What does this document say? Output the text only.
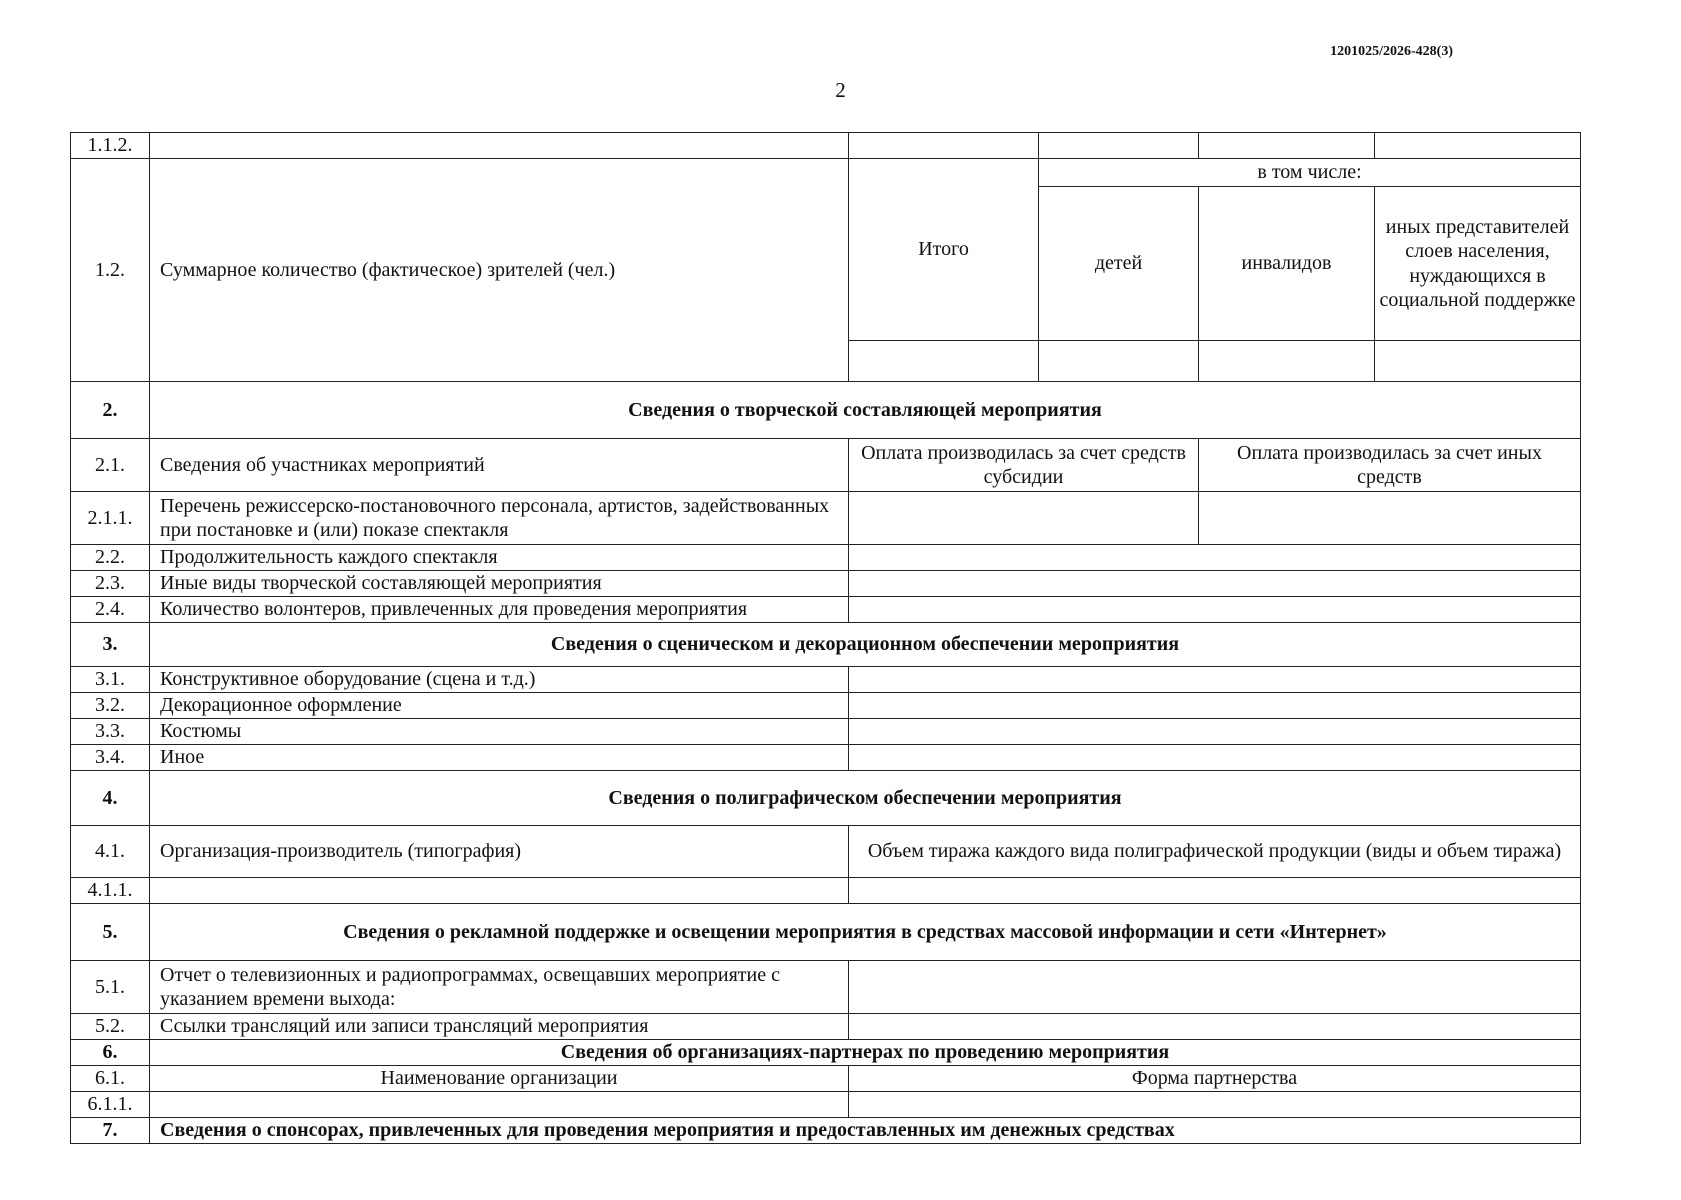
1201025/2026-428(3)
2
1.1.2.					
1.2.	Суммарное количество (фактическое) зрителей (чел.)	Итого	в том числе:		
			детей	инвалидов	иных представителей слоев населения, нуждающихся в социальной поддержке

2.	Сведения о творческой составляющей мероприятия				
2.1.	Сведения об участниках мероприятий	Оплата производилась за счет средств субсидии		Оплата производилась за счет иных средств	
2.1.1.	Перечень режиссерско-постановочного персонала, артистов, задействованных при постановке и (или) показе спектакля				
2.2.	Продолжительность каждого спектакля				
2.3.	Иные виды творческой составляющей мероприятия				
2.4.	Количество волонтеров, привлеченных для проведения мероприятия				
3.	Сведения о сценическом и декорационном обеспечении мероприятия				
3.1.	Конструктивное оборудование (сцена и т.д.)				
3.2.	Декорационное оформление				
3.3.	Костюмы				
3.4.	Иное				
4.	Сведения о полиграфическом обеспечении мероприятия				
4.1.	Организация-производитель (типография)	Объем тиража каждого вида полиграфической продукции (виды и объем тиража)			
4.1.1.					
5.	Сведения о рекламной поддержке и освещении мероприятия в средствах массовой информации и сети «Интернет»				
5.1.	Отчет о телевизионных и радиопрограммах, освещавших мероприятие с указанием времени выхода:				
5.2.	Ссылки трансляций или записи трансляций мероприятия				
6.	Сведения об организациях-партнерах по проведению мероприятия				
6.1.	Наименование организации	Форма партнерства			
6.1.1.					
7.	Сведения о спонсорах, привлеченных для проведения мероприятия и предоставленных им денежных средствах				
